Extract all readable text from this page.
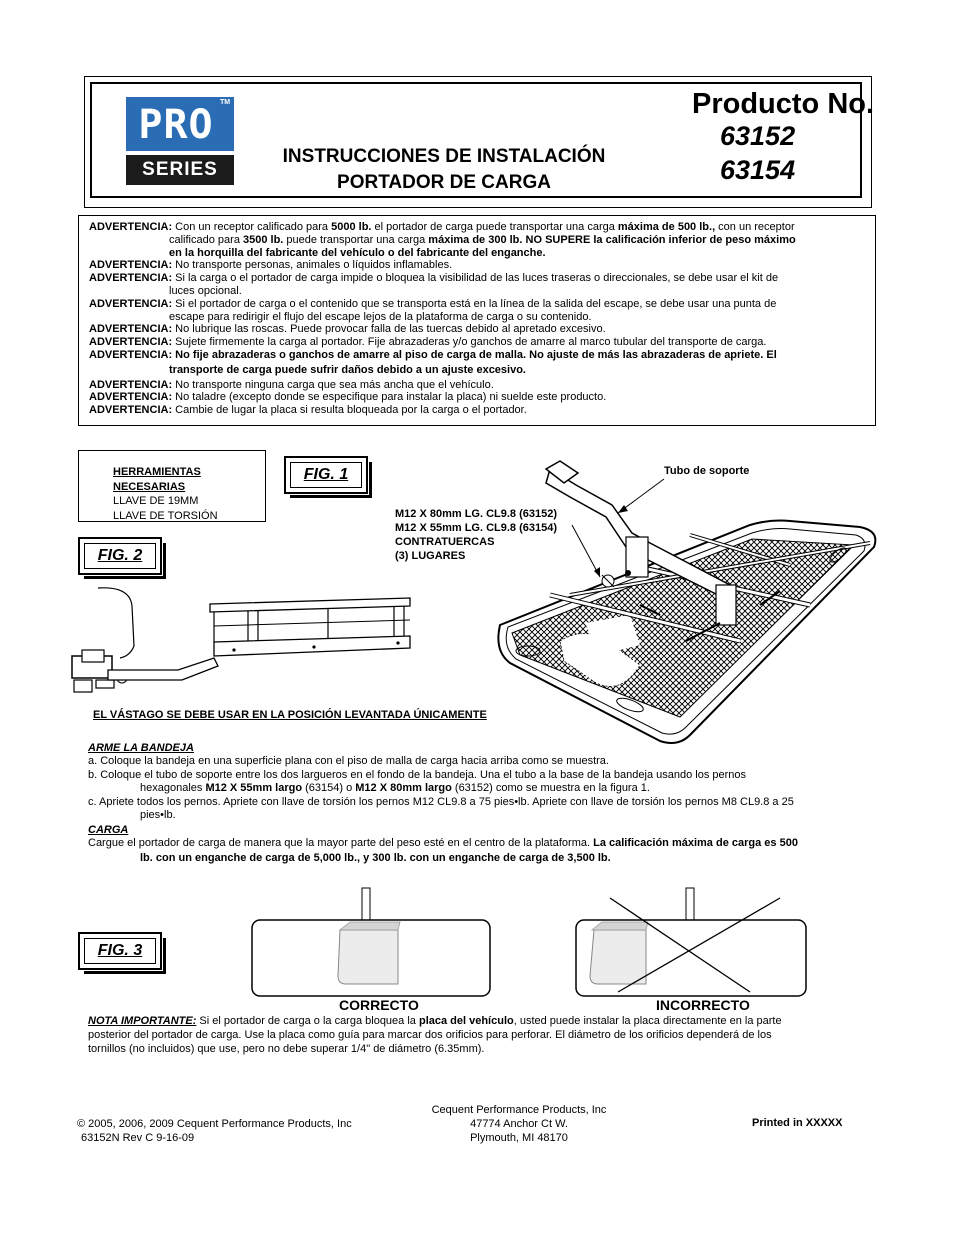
PRO TM
SERIES
INSTRUCCIONES DE INSTALACIÓN
PORTADOR DE CARGA
Producto No.
63152
63154

ADVERTENCIA: Con un receptor calificado para 5000 lb. el portador de carga puede transportar una carga máxima de 500 lb., con un receptor

calificado para 3500 lb. puede transportar una carga máxima de 300 lb. NO SUPERE la calificación inferior de peso máximo

en la horquilla del fabricante del vehículo o del fabricante del enganche.

ADVERTENCIA: No transporte personas, animales o líquidos inflamables.

ADVERTENCIA: Si la carga o el portador de carga impide o bloquea la visibilidad de las luces traseras o direccionales, se debe usar el kit de

luces opcional.

ADVERTENCIA: Si el portador de carga o el contenido que se transporta está en la línea de la salida del escape, se debe usar una punta de

escape para redirigir el flujo del escape lejos de la plataforma de carga o su contenido.

ADVERTENCIA: No lubrique las roscas. Puede provocar falla de las tuercas debido al apretado excesivo.

ADVERTENCIA: Sujete firmemente la carga al portador. Fije abrazaderas y/o ganchos de amarre al marco tubular del transporte de carga.

ADVERTENCIA: No fije abrazaderas o ganchos de amarre al piso de carga de malla. No ajuste de más las abrazaderas de apriete. El

transporte de carga puede sufrir daños debido a un ajuste excesivo.

ADVERTENCIA: No transporte ninguna carga que sea más ancha que el vehículo.

ADVERTENCIA: No taladre (excepto donde se especifique para instalar la placa) ni suelde este producto.

ADVERTENCIA: Cambie de lugar la placa si resulta bloqueada por la carga o el portador.

HERRAMIENTAS
NECESARIAS
LLAVE DE 19MM
LLAVE DE TORSIÓN
FIG. 1
FIG. 2
FIG. 3
Tubo de soporte
M12 X 80mm LG. CL9.8 (63152)
M12 X 55mm LG. CL9.8 (63154)
CONTRATUERCAS
(3) LUGARES
EL VÁSTAGO SE DEBE USAR EN LA POSICIÓN LEVANTADA ÚNICAMENTE

ARME LA BANDEJA

a. Coloque la bandeja en una superficie plana con el piso de malla de carga hacia arriba como se muestra.

b. Coloque el tubo de soporte entre los dos largueros en el fondo de la bandeja. Una el tubo a la base de la bandeja usando los pernos

hexagonales M12 X 55mm largo (63154) o M12 X 80mm largo (63152) como se muestra en la figura 1.

c. Apriete todos los pernos. Apriete con llave de torsión los pernos M12 CL9.8 a 75 pies•lb. Apriete con llave de torsión los pernos M8 CL9.8 a 25

pies•lb.

CARGA

Cargue el portador de carga de manera que la mayor parte del peso esté en el centro de la plataforma. La calificación máxima de carga es 500

lb. con un enganche de carga de 5,000 lb., y 300 lb. con un enganche de carga de 3,500 lb.

CORRECTO	INCORRECTO

NOTA IMPORTANTE: Si el portador de carga o la carga bloquea la placa del vehículo, usted puede instalar la placa directamente en la parte

posterior del portador de carga. Use la placa como guía para marcar dos orificios para perforar. El diámetro de los orificios dependerá de los

tornillos (no incluidos) que use, pero no debe superar 1/4" de diámetro (6.35mm).

© 2005, 2006, 2009 Cequent Performance Products, Inc
63152N Rev C 9-16-09
Cequent Performance Products, Inc
47774 Anchor Ct W.
Plymouth, MI 48170
Printed in XXXXX
